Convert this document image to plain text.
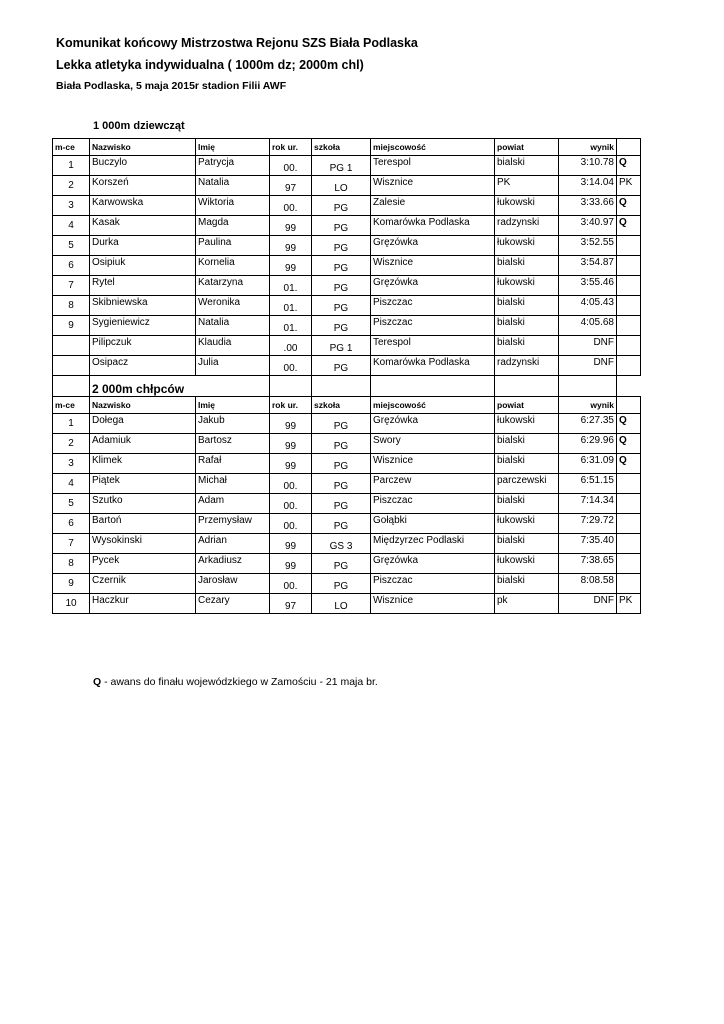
Komunikat końcowy Mistrzostwa Rejonu SZS Biała Podlaska
Lekka atletyka indywidualna ( 1000m dz; 2000m chl)
Biała Podlaska, 5 maja 2015r stadion Filii AWF
1 000m dziewcząt
m-ce	Nazwisko	Imię	rok ur.	szkoła	miejscowość	powiat	wynik	
1	Buczylo	Patrycja	00.	PG 1	Terespol	bialski	3:10.78	Q
2	Korszeń	Natalia	97	LO	Wisznice	PK	3:14.04	PK
3	Karwowska	Wiktoria	00.	PG	Zalesie	łukowski	3:33.66	Q
4	Kasak	Magda	99	PG	Komarówka Podlaska	radzynski	3:40.97	Q
5	Durka	Paulina	99	PG	Gręzówka	łukowski	3:52.55	
6	Osipiuk	Kornelia	99	PG	Wisznice	bialski	3:54.87	
7	Rytel	Katarzyna	01.	PG	Gręzówka	łukowski	3:55.46	
8	Skibniewska	Weronika	01.	PG	Piszczac	bialski	4:05.43	
9	Sygieniewicz	Natalia	01.	PG	Piszczac	bialski	4:05.68	
	Pilipczuk	Klaudia	.00	PG 1	Terespol	bialski	DNF	
	Osipacz	Julia	00.	PG	Komarówka Podlaska	radzynski	DNF	
	2 000m chłpców							
m-ce	Nazwisko	Imię	rok ur.	szkoła	miejscowość	powiat	wynik	
1	Dołega	Jakub	99	PG	Gręzówka	łukowski	6:27.35	Q
2	Adamiuk	Bartosz	99	PG	Swory	bialski	6:29.96	Q
3	Klimek	Rafał	99	PG	Wisznice	bialski	6:31.09	Q
4	Piątek	Michał	00.	PG	Parczew	parczewski	6:51.15	
5	Szutko	Adam	00.	PG	Piszczac	bialski	7:14.34	
6	Bartoń	Przemysław	00.	PG	Gołąbki	łukowski	7:29.72	
7	Wysokinski	Adrian	99	GS 3	Międzyrzec Podlaski	bialski	7:35.40	
8	Pycek	Arkadiusz	99	PG	Gręzówka	łukowski	7:38.65	
9	Czernik	Jarosław	00.	PG	Piszczac	bialski	8:08.58	
10	Haczkur	Cezary	97	LO	Wisznice	pk	DNF	PK
Q - awans do finału wojewódzkiego w Zamościu - 21 maja br.
